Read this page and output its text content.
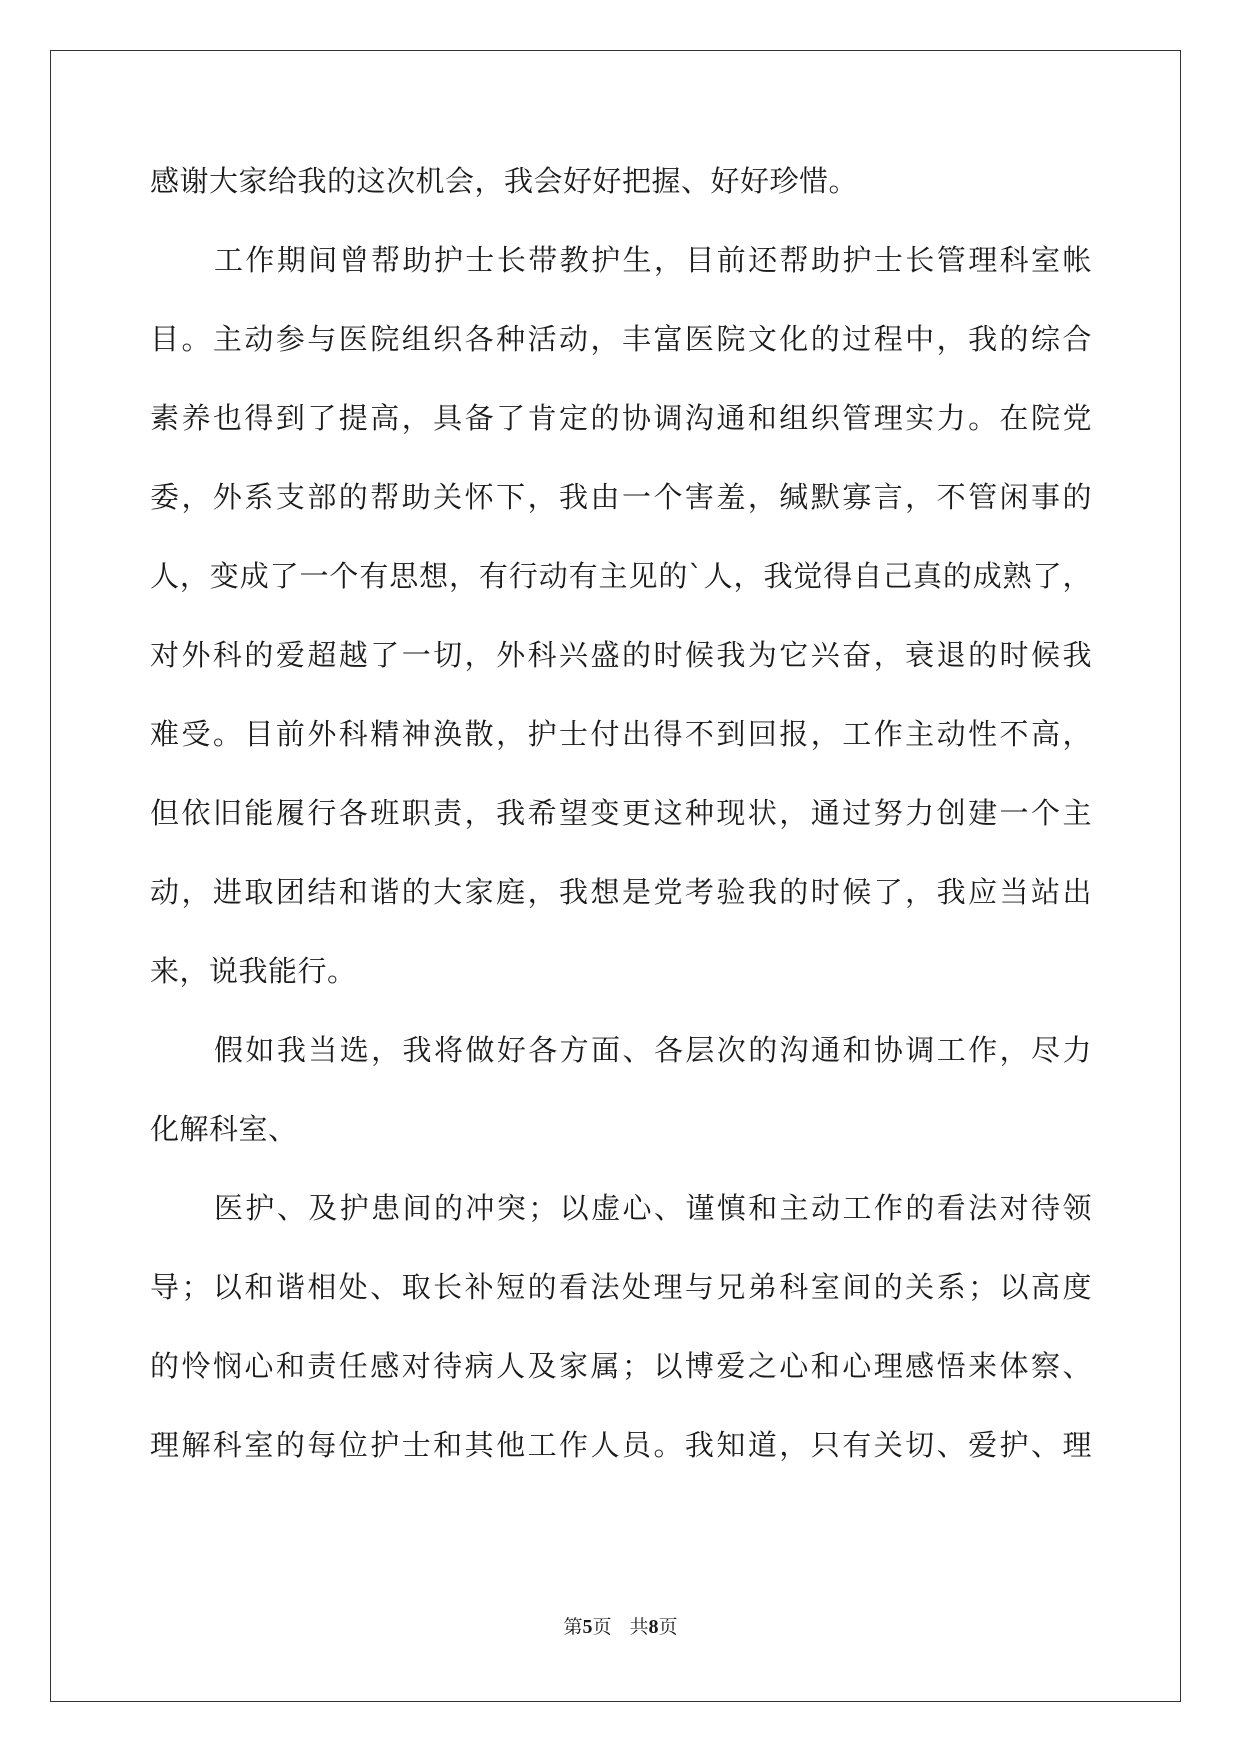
感谢大家给我的这次机会，我会好好把握、好好珍惜。
工作期间曾帮助护士长带教护生，目前还帮助护士长管理科室帐
目。主动参与医院组织各种活动，丰富医院文化的过程中，我的综合
素养也得到了提高，具备了肯定的协调沟通和组织管理实力。在院党
委，外系支部的帮助关怀下，我由一个害羞，缄默寡言，不管闲事的
人，变成了一个有思想，有行动有主见的`人，我觉得自己真的成熟了，
对外科的爱超越了一切，外科兴盛的时候我为它兴奋，衰退的时候我
难受。目前外科精神涣散，护士付出得不到回报，工作主动性不高，
但依旧能履行各班职责，我希望变更这种现状，通过努力创建一个主
动，进取团结和谐的大家庭，我想是党考验我的时候了，我应当站出
来，说我能行。
假如我当选，我将做好各方面、各层次的沟通和协调工作，尽力
化解科室、
医护、及护患间的冲突；以虚心、谨慎和主动工作的看法对待领
导；以和谐相处、取长补短的看法处理与兄弟科室间的关系；以高度
的怜悯心和责任感对待病人及家属；以博爱之心和心理感悟来体察、
理解科室的每位护士和其他工作人员。我知道，只有关切、爱护、理
第5页 共8页
